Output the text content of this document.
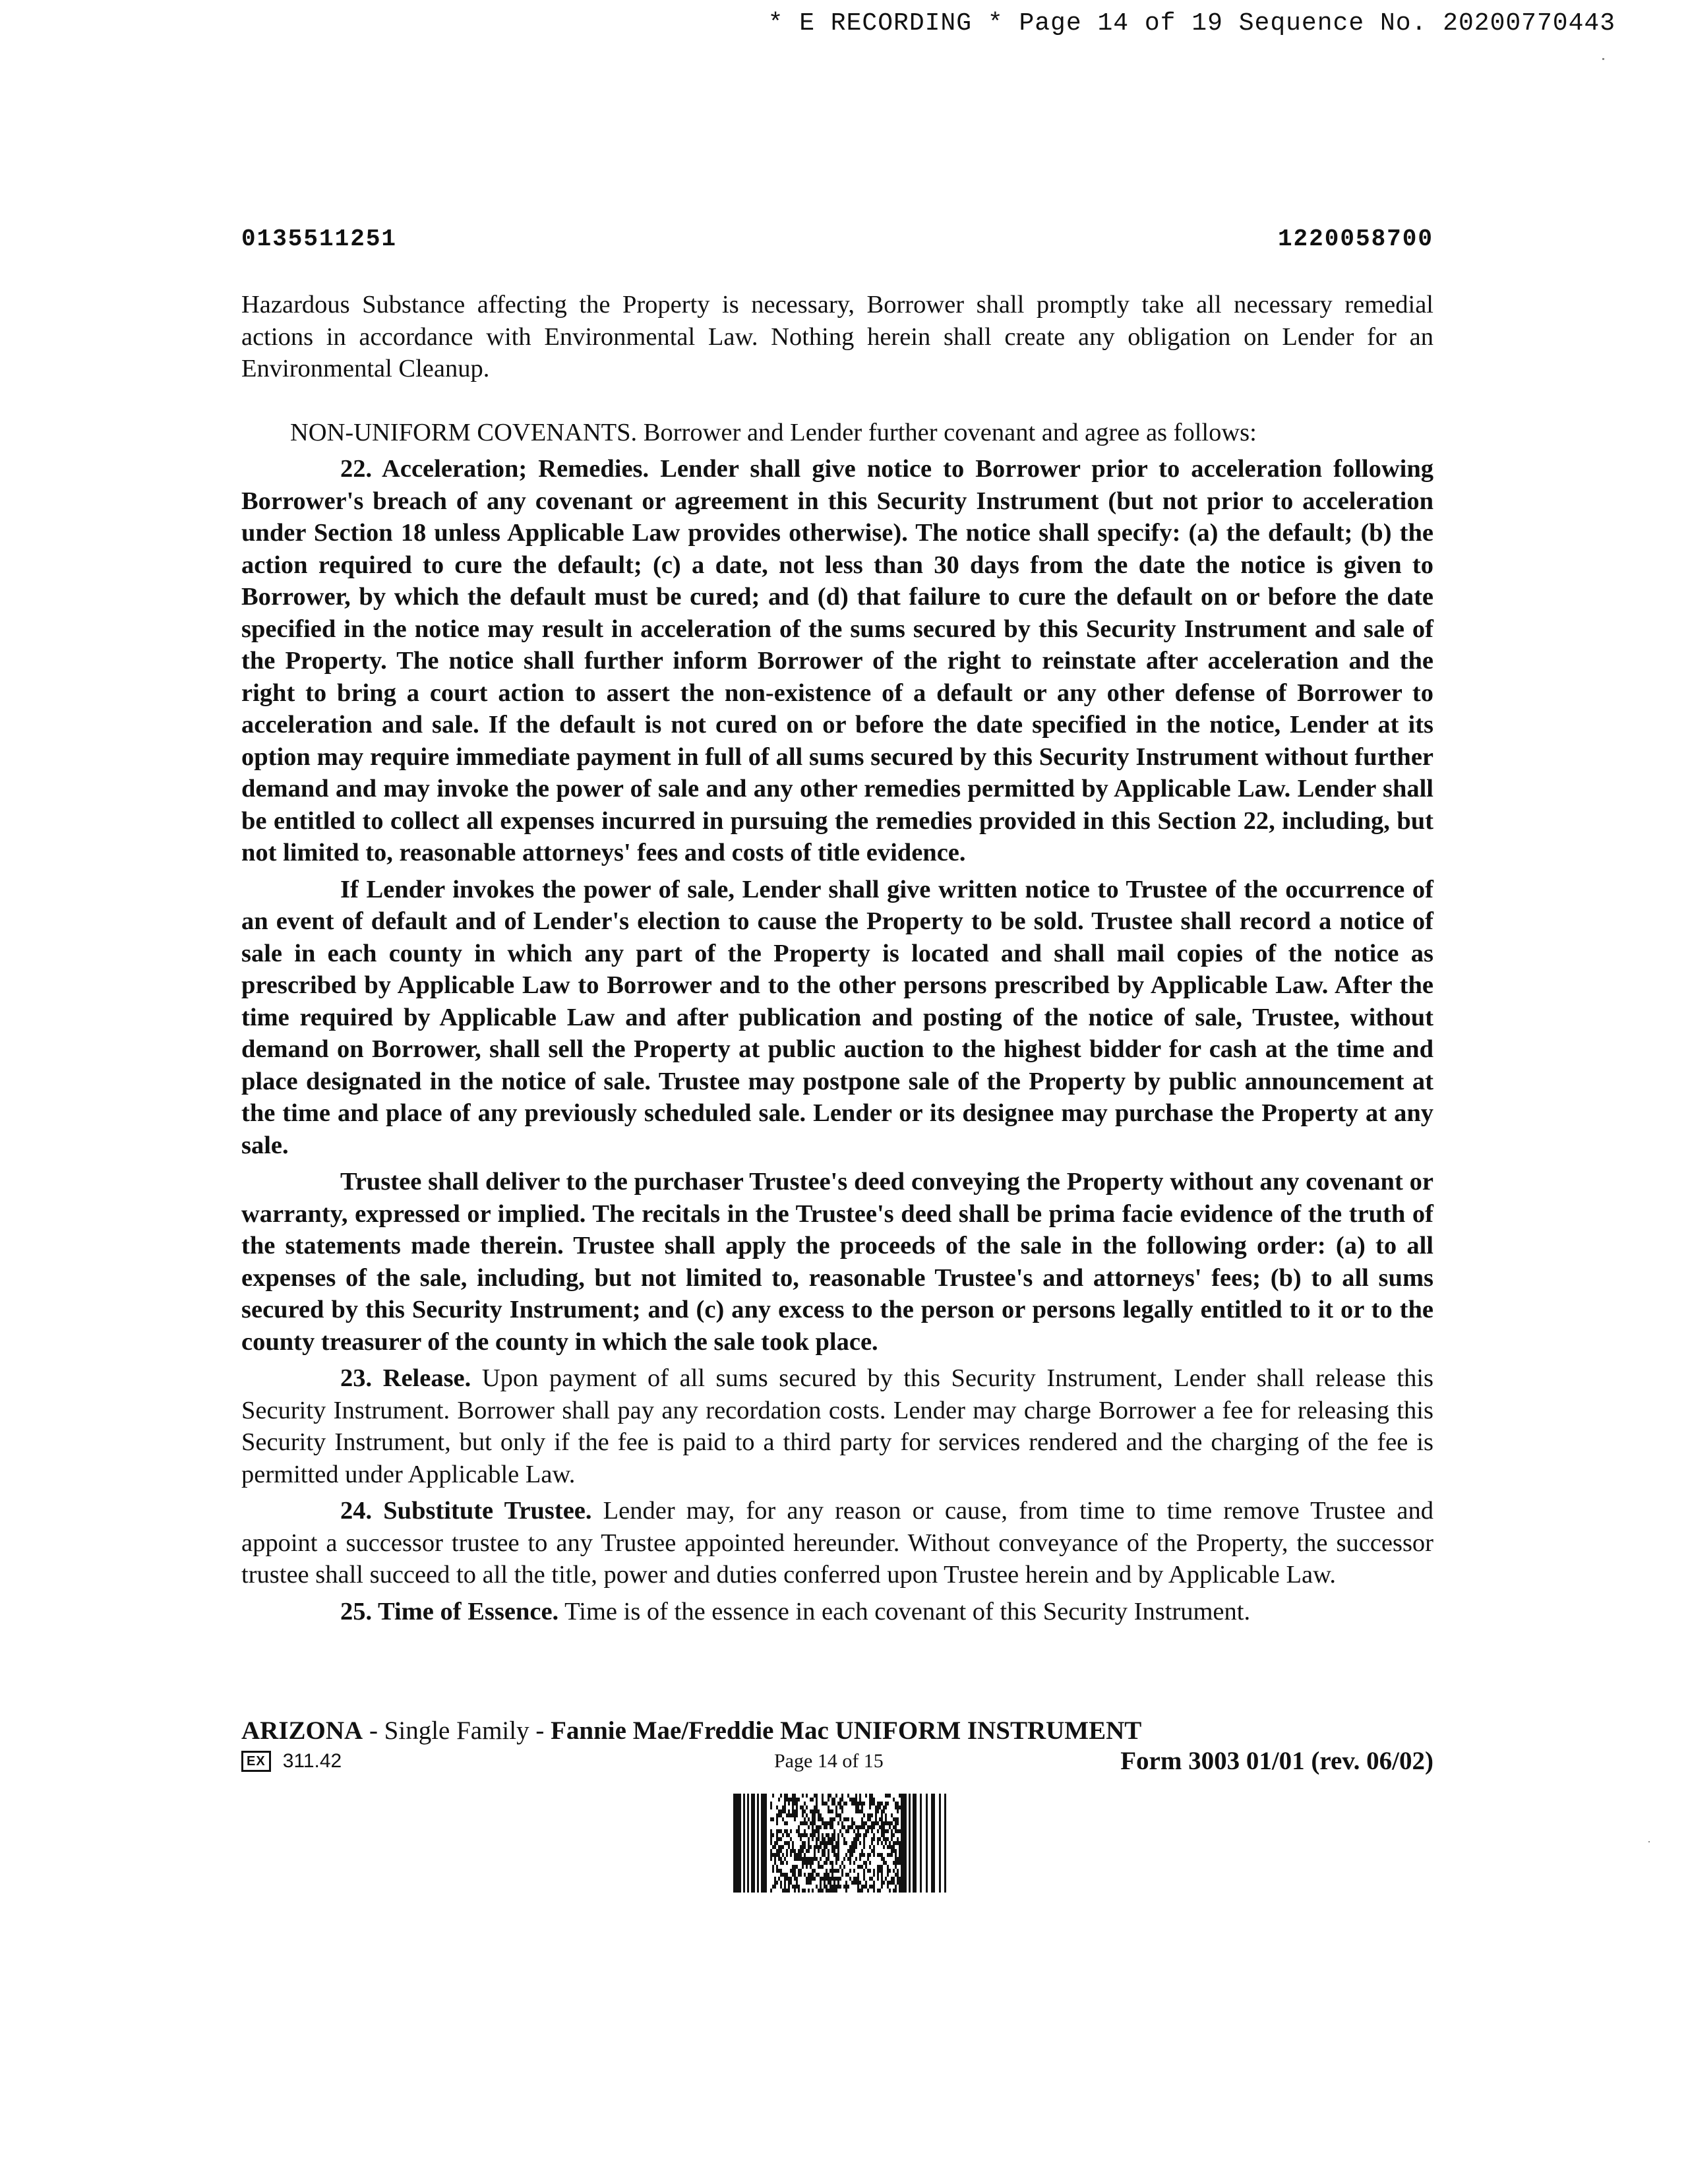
* E RECORDING * Page 14 of 19 Sequence No. 20200770443
0135511251	1220058700

Hazardous Substance affecting the Property is necessary, Borrower shall promptly take all necessary remedial actions in accordance with Environmental Law. Nothing herein shall create any obligation on Lender for an Environmental Cleanup.

NON-UNIFORM COVENANTS. Borrower and Lender further covenant and agree as follows:

22. Acceleration; Remedies. Lender shall give notice to Borrower prior to acceleration following Borrower's breach of any covenant or agreement in this Security Instrument (but not prior to acceleration under Section 18 unless Applicable Law provides otherwise). The notice shall specify: (a) the default; (b) the action required to cure the default; (c) a date, not less than 30 days from the date the notice is given to Borrower, by which the default must be cured; and (d) that failure to cure the default on or before the date specified in the notice may result in acceleration of the sums secured by this Security Instrument and sale of the Property. The notice shall further inform Borrower of the right to reinstate after acceleration and the right to bring a court action to assert the non-existence of a default or any other defense of Borrower to acceleration and sale. If the default is not cured on or before the date specified in the notice, Lender at its option may require immediate payment in full of all sums secured by this Security Instrument without further demand and may invoke the power of sale and any other remedies permitted by Applicable Law. Lender shall be entitled to collect all expenses incurred in pursuing the remedies provided in this Section 22, including, but not limited to, reasonable attorneys' fees and costs of title evidence.

If Lender invokes the power of sale, Lender shall give written notice to Trustee of the occurrence of an event of default and of Lender's election to cause the Property to be sold. Trustee shall record a notice of sale in each county in which any part of the Property is located and shall mail copies of the notice as prescribed by Applicable Law to Borrower and to the other persons prescribed by Applicable Law. After the time required by Applicable Law and after publication and posting of the notice of sale, Trustee, without demand on Borrower, shall sell the Property at public auction to the highest bidder for cash at the time and place designated in the notice of sale. Trustee may postpone sale of the Property by public announcement at the time and place of any previously scheduled sale. Lender or its designee may purchase the Property at any sale.

Trustee shall deliver to the purchaser Trustee's deed conveying the Property without any covenant or warranty, expressed or implied. The recitals in the Trustee's deed shall be prima facie evidence of the truth of the statements made therein. Trustee shall apply the proceeds of the sale in the following order: (a) to all expenses of the sale, including, but not limited to, reasonable Trustee's and attorneys' fees; (b) to all sums secured by this Security Instrument; and (c) any excess to the person or persons legally entitled to it or to the county treasurer of the county in which the sale took place.

23. Release. Upon payment of all sums secured by this Security Instrument, Lender shall release this Security Instrument. Borrower shall pay any recordation costs. Lender may charge Borrower a fee for releasing this Security Instrument, but only if the fee is paid to a third party for services rendered and the charging of the fee is permitted under Applicable Law.

24. Substitute Trustee. Lender may, for any reason or cause, from time to time remove Trustee and appoint a successor trustee to any Trustee appointed hereunder. Without conveyance of the Property, the successor trustee shall succeed to all the title, power and duties conferred upon Trustee herein and by Applicable Law.

25. Time of Essence. Time is of the essence in each covenant of this Security Instrument.

ARIZONA - Single Family - Fannie Mae/Freddie Mac UNIFORM INSTRUMENT
EX 311.42	Page 14 of 15	Form 3003 01/01 (rev. 06/02)
